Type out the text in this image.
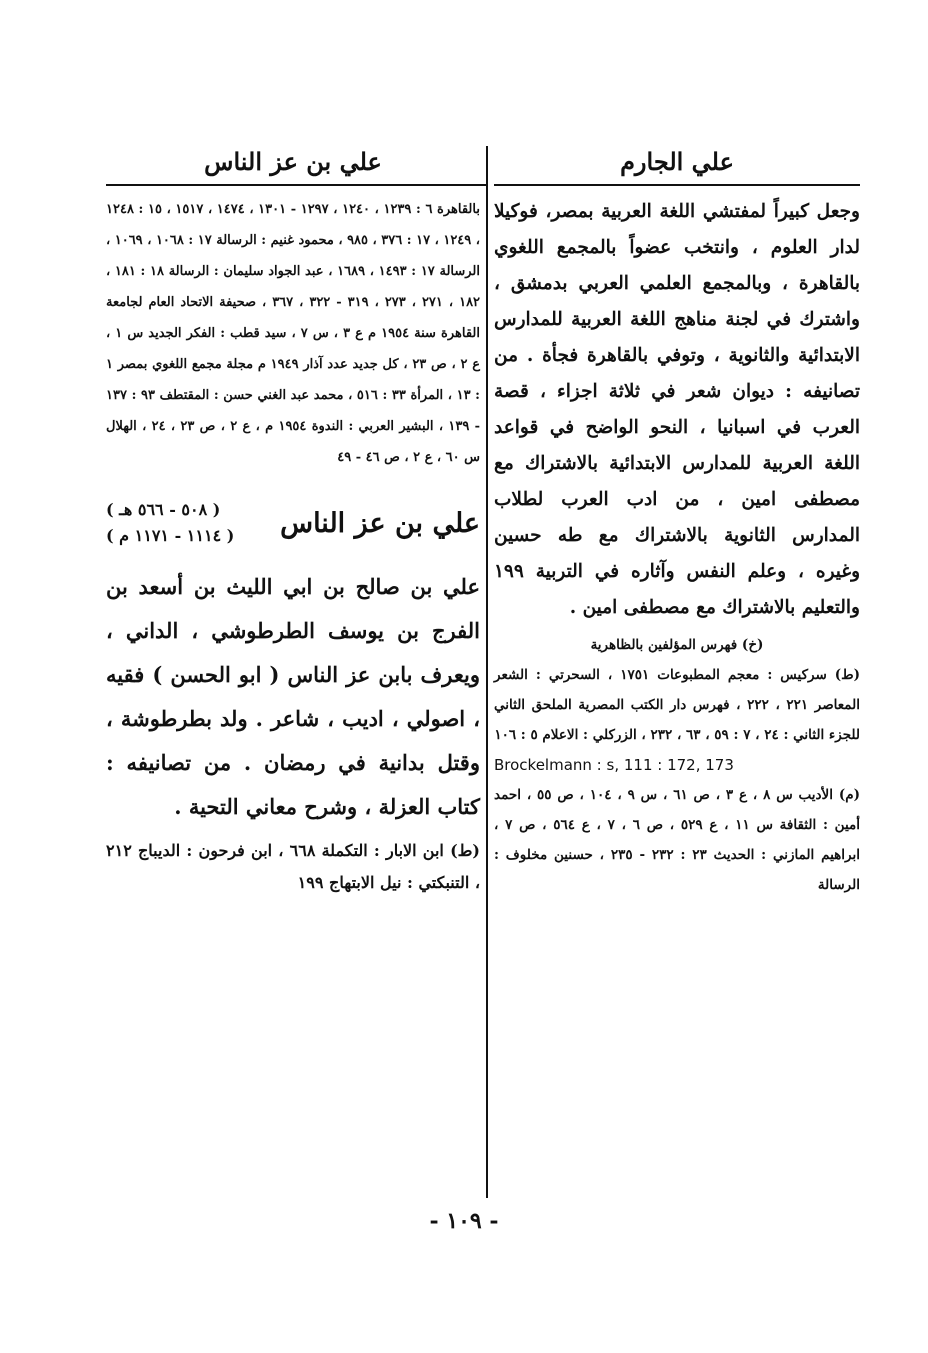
علي الجارم

وجعل كبيراً لمفتشي اللغة العربية بمصر، فوكيلا لدار العلوم ، وانتخب عضواً بالمجمع اللغوي بالقاهرة ، وبالمجمع العلمي العربي بدمشق ، واشترك في لجنة مناهج اللغة العربية للمدارس الابتدائية والثانوية ، وتوفي بالقاهرة فجأة . من تصانيفه : ديوان شعر في ثلاثة اجزاء ، قصة العرب في اسبانيا ، النحو الواضح في قواعد اللغة العربية للمدارس الابتدائية بالاشتراك مع مصطفى امين ، من ادب العرب لطلاب المدارس الثانوية بالاشتراك مع طه حسين وغيره ، وعلم النفس وآثاره في التربية ١٩٩ والتعليم بالاشتراك مع مصطفى امين .

(خ) فهرس المؤلفين بالظاهرية

(ط) سركيس : معجم المطبوعات ١٧٥١ ، السحرتي : الشعر المعاصر ٢٢١ ، ٢٢٢ ، فهرس دار الكتب المصرية الملحق الثاني للجزء الثاني : ٢٤ ، ٧ : ٥٩ ، ٦٣ ، ٢٣٢ ، الزركلي : الاعلام ٥ : ١٠٦

Brockelmann : s, 111 : 172, 173

(م) الأديب س ٨ ، ع ٣ ، ص ٦١ ، س ٩ ، ١٠٤ ، ص ٥٥ ، احمد أمين : الثقافة س ١١ ، ع ٥٢٩ ، ص ٦ ، ٧ ، ع ٥٦٤ ، ص ٧ ، ابراهيم المازني : الحديث ٢٣ : ٢٣٢ - ٢٣٥ ، حسنين مخلوف : الرسالة

علي بن عز الناس

بالقاهرة ٦ : ١٢٣٩ ، ١٢٤٠ ، ١٢٩٧ - ١٣٠١ ، ١٤٧٤ ، ١٥١٧ ، ١٥ : ١٢٤٨ ، ١٢٤٩ ، ١٧ : ٣٧٦ ، ٩٨٥ ، محمود غنيم : الرسالة ١٧ : ١٠٦٨ ، ١٠٦٩ ، الرسالة ١٧ : ١٤٩٣ ، ١٦٨٩ ، عبد الجواد سليمان : الرسالة ١٨ : ١٨١ ، ١٨٢ ، ٢٧١ ، ٢٧٣ ، ٣١٩ - ٣٢٢ ، ٣٦٧ ، صحيفة الاتحاد العام لجامعة القاهرة سنة ١٩٥٤ م ع ٣ ، س ٧ ، سيد قطب : الفكر الجديد س ١ ، ع ٢ ، ص ٢٣ ، كل جديد عدد آذار ١٩٤٩ م مجلة مجمع اللغوي بمصر ١ : ١٣ ، المرأة ٣٣ : ٥١٦ ، محمد عبد الغني حسن : المقتطف ٩٣ : ١٣٧ - ١٣٩ ، البشير العربي : الندوة ١٩٥٤ م ، ع ٢ ، ص ٢٣ ، ٢٤ ، الهلال س ٦٠ ، ع ٢ ، ص ٤٦ - ٤٩

علي بن عز الناس
( ٥٠٨ - ٥٦٦ هـ )
( ١١١٤ - ١١٧١ م )

علي بن صالح بن ابي الليث بن أسعد بن الفرج بن يوسف الطرطوشي ، الداني ، ويعرف بابن عز الناس ( ابو الحسن ) فقيه ، اصولي ، اديب ، شاعر . ولد بطرطوشة ، وقتل بدانية في رمضان . من تصانيفه : كتاب العزلة ، وشرح معاني التحية .

(ط) ابن الابار : التكملة ٦٦٨ ، ابن فرحون : الديباج ٢١٢ ، التنبكتي : نيل الابتهاج ١٩٩

- ١٠٩ -
